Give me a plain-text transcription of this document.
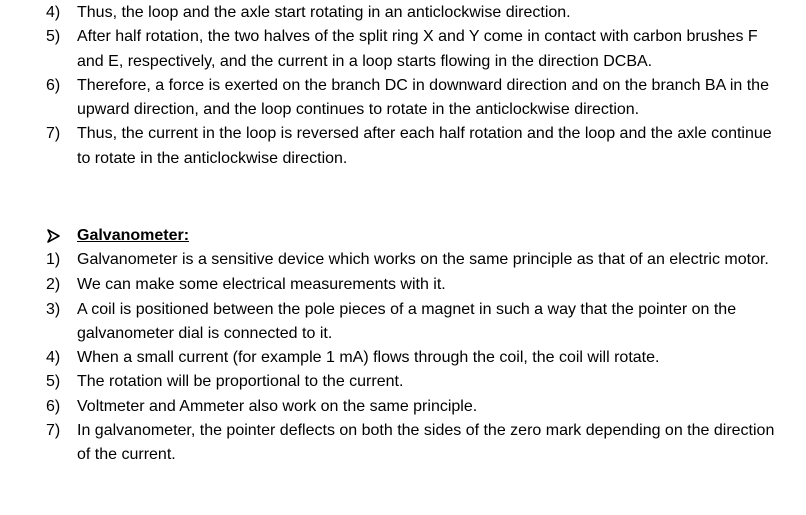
4)	Thus, the loop and the axle start rotating in an anticlockwise direction.
5)	After half rotation, the two halves of the split ring X and Y come in contact with carbon brushes F and E, respectively, and the current in a loop starts flowing in the direction DCBA.
6)	Therefore, a force is exerted on the branch DC in downward direction and on the branch BA in the upward direction, and the loop continues to rotate in the anticlockwise direction.
7)	Thus, the current in the loop is reversed after each half rotation and the loop and the axle continue to rotate in the anticlockwise direction.
Galvanometer:
1)	Galvanometer is a sensitive device which works on the same principle as that of an electric motor.
2)	We can make some electrical measurements with it.
3)	A coil is positioned between the pole pieces of a magnet in such a way that the pointer on the galvanometer dial is connected to it.
4)	When a small current (for example 1 mA) flows through the coil, the coil will rotate.
5)	The rotation will be proportional to the current.
6)	Voltmeter and Ammeter also work on the same principle.
7)	In galvanometer, the pointer deflects on both the sides of the zero mark depending on the direction of the current.
